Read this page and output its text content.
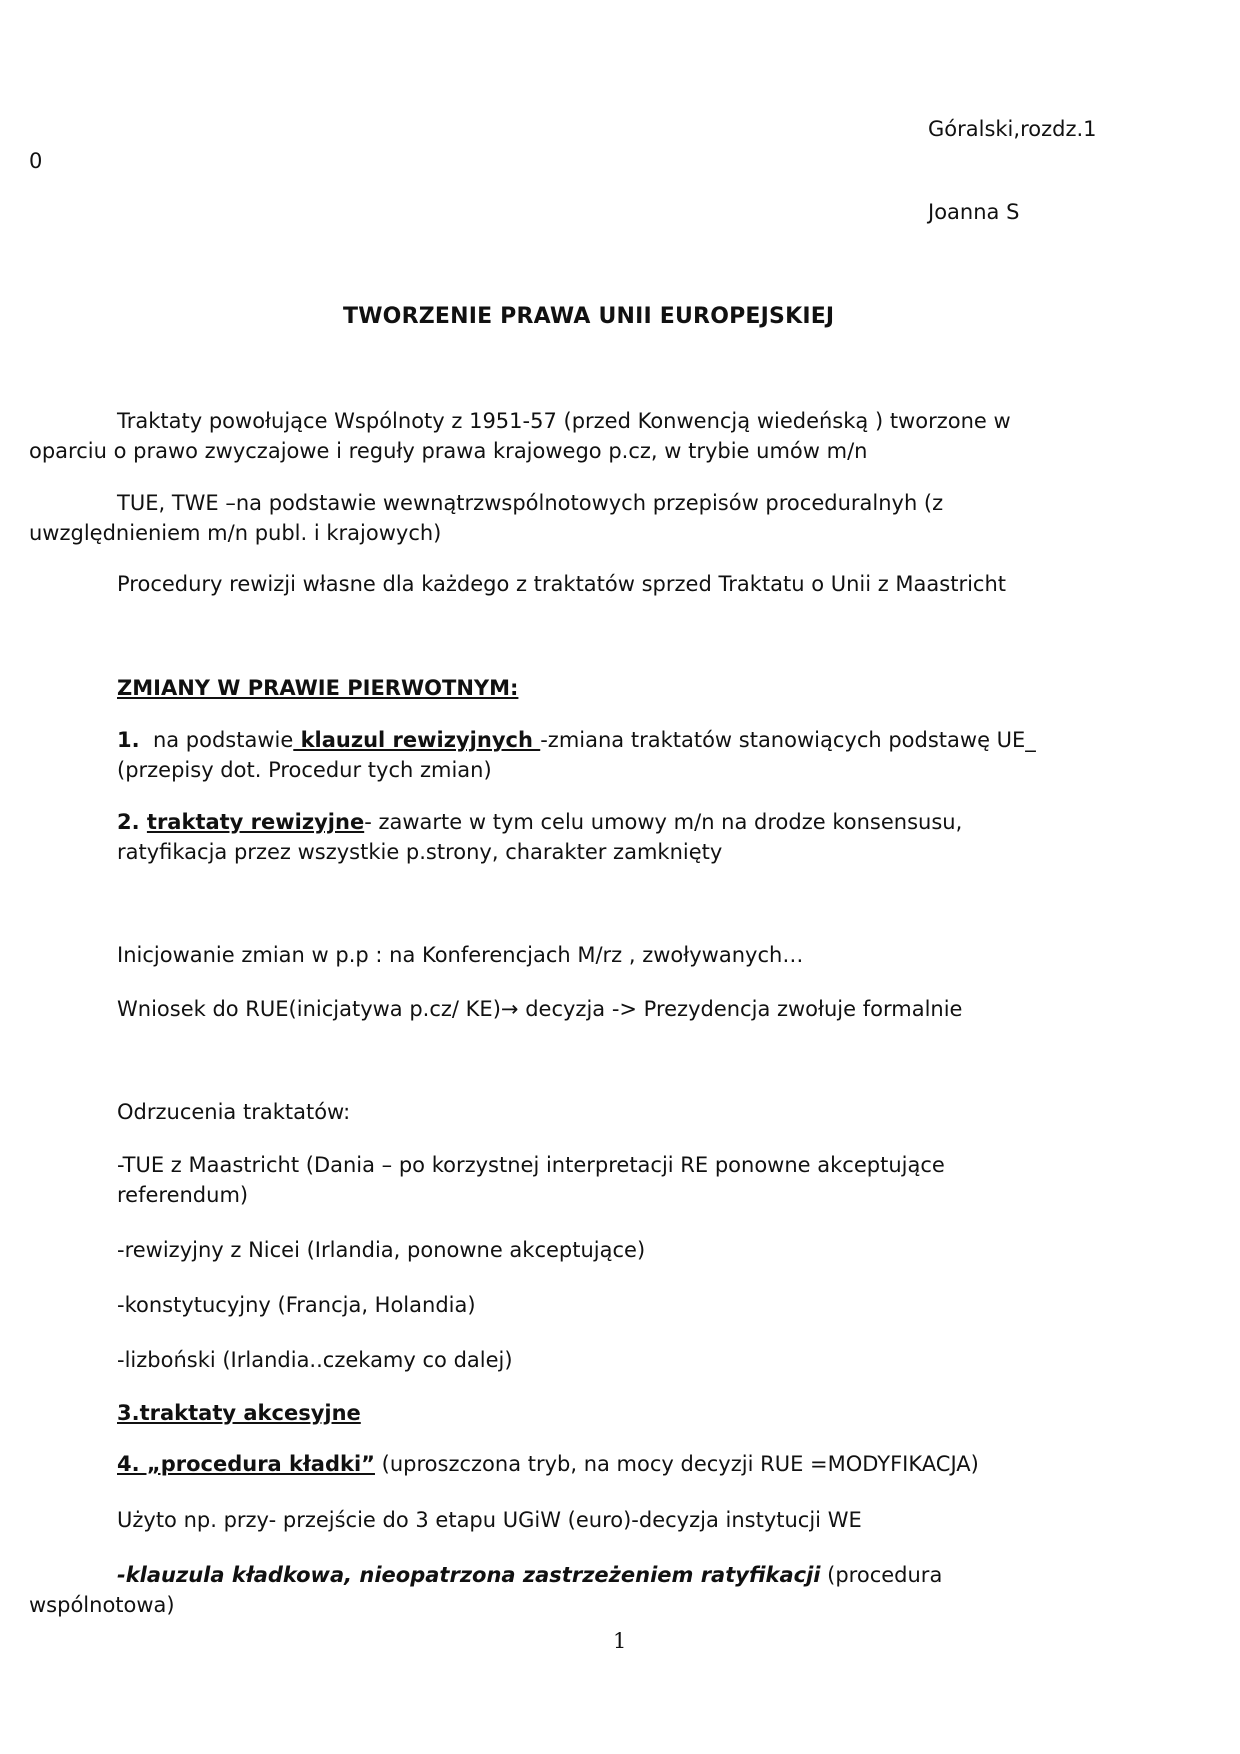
Góralski,rozdz.1

0

Joanna S

TWORZENIE PRAWA UNII EUROPEJSKIEJ

Traktaty powołujące Wspólnoty z 1951-57 (przed Konwencją wiedeńską ) tworzone w
oparciu o prawo zwyczajowe i reguły prawa krajowego p.cz, w trybie umów m/n
TUE, TWE –na podstawie wewnątrzwspólnotowych przepisów proceduralnyh (z
uwzględnieniem m/n publ. i krajowych)

Procedury rewizji własne dla każdego z traktatów sprzed Traktatu o Unii z Maastricht

ZMIANY W PRAWIE PIERWOTNYM:

1.  na podstawie klauzul rewizyjnych -zmiana traktatów stanowiących podstawę UE_
(przepisy dot. Procedur tych zmian)
2. traktaty rewizyjne- zawarte w tym celu umowy m/n na drodze konsensusu,
ratyfikacja przez wszystkie p.strony, charakter zamknięty

Inicjowanie zmian w p.p : na Konferencjach M/rz , zwoływanych…

Wniosek do RUE(inicjatywa p.cz/ KE)→ decyzja -> Prezydencja zwołuje formalnie

Odrzucenia traktatów:

-TUE z Maastricht (Dania – po korzystnej interpretacji RE ponowne akceptujące
referendum)

-rewizyjny z Nicei (Irlandia, ponowne akceptujące)

-konstytucyjny (Francja, Holandia)

-lizboński (Irlandia..czekamy co dalej)

3.traktaty akcesyjne

4. „procedura kładki” (uproszczona tryb, na mocy decyzji RUE =MODYFIKACJA)

Użyto np. przy- przejście do 3 etapu UGiW (euro)-decyzja instytucji WE

-klauzula kładkowa, nieopatrzona zastrzeżeniem ratyfikacji (procedura
wspólnotowa)

1
